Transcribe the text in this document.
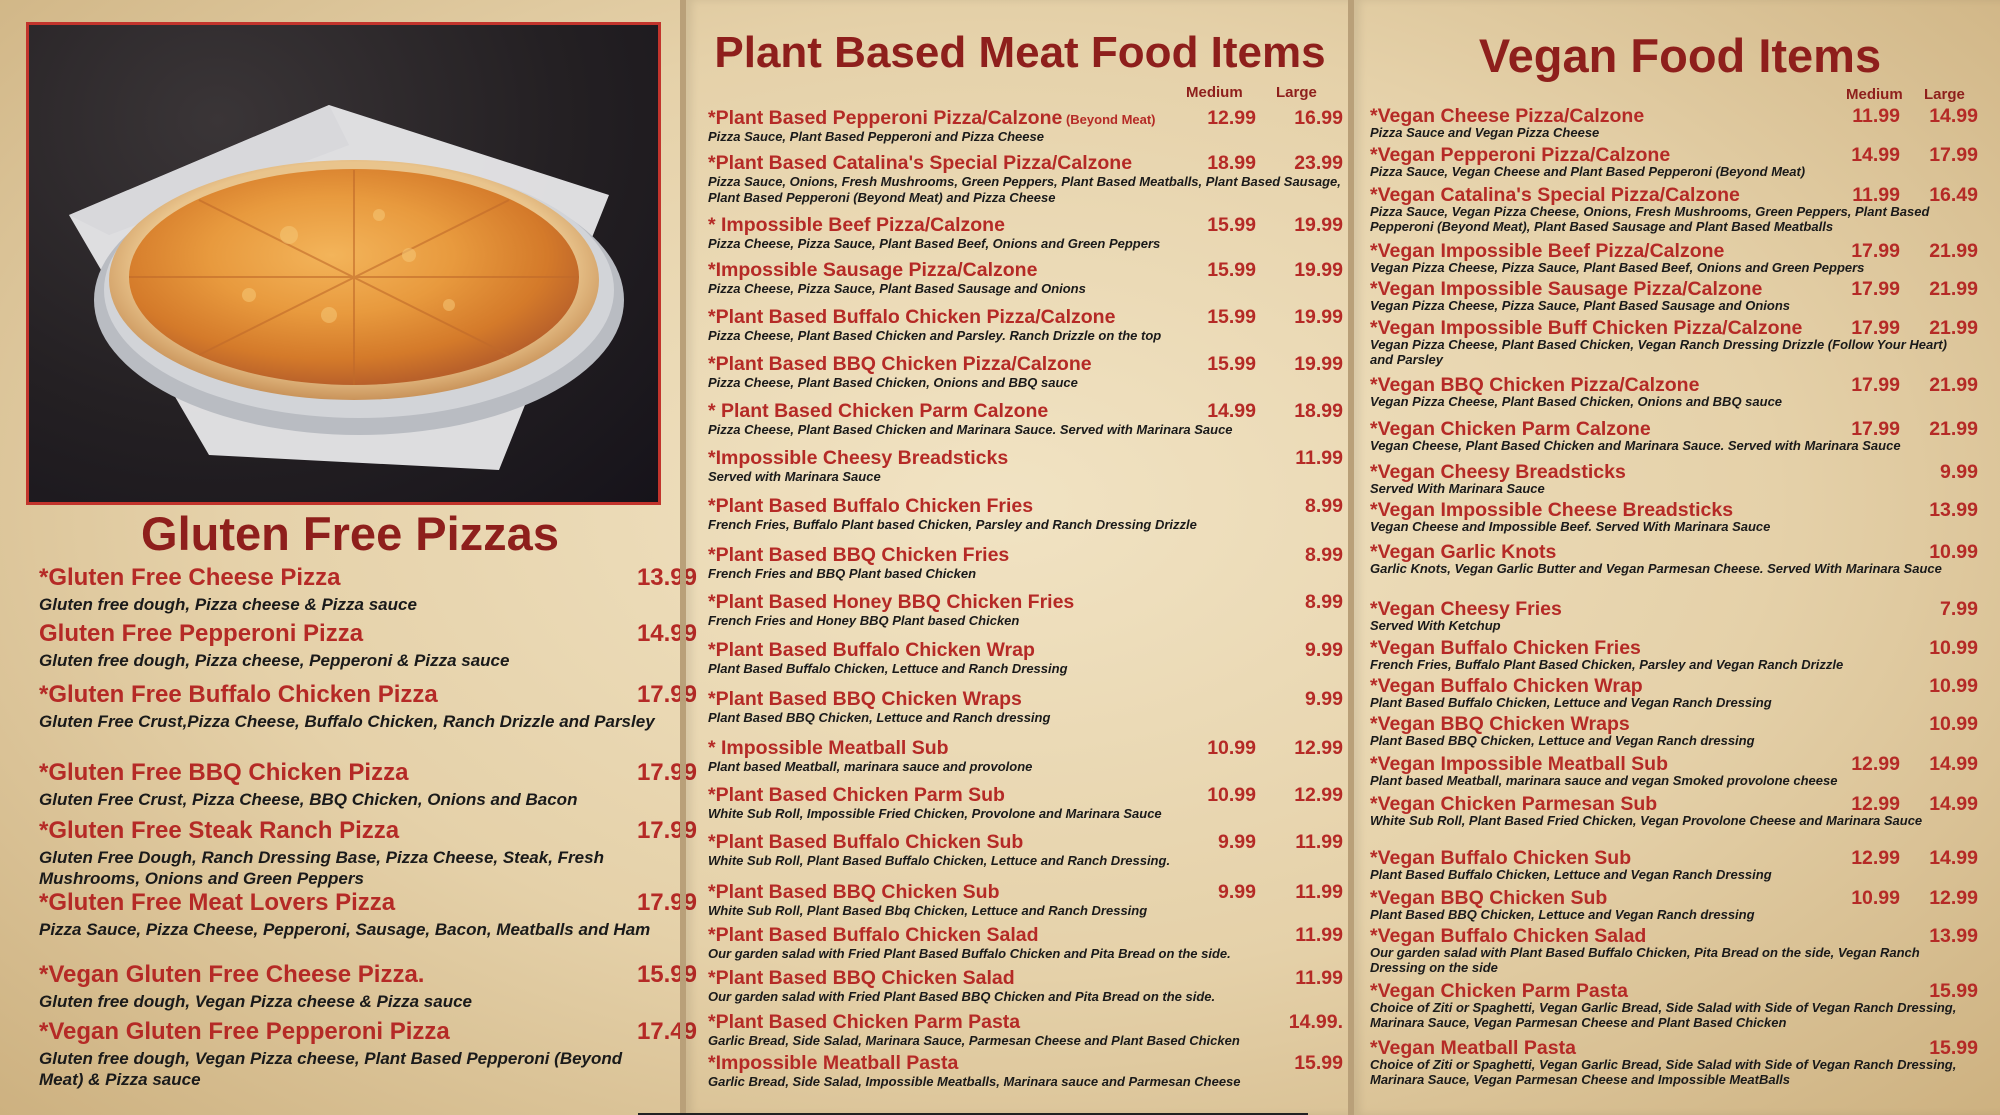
Gluten Free Pizzas
*Gluten Free Cheese Pizza	13.99
Gluten free dough, Pizza cheese & Pizza sauce
Gluten Free Pepperoni Pizza	14.99
Gluten free dough, Pizza cheese, Pepperoni & Pizza sauce
*Gluten Free Buffalo Chicken Pizza	17.99
Gluten Free Crust,Pizza Cheese, Buffalo Chicken, Ranch Drizzle and Parsley
*Gluten Free BBQ Chicken Pizza	17.99
Gluten Free Crust, Pizza Cheese, BBQ Chicken, Onions and Bacon
*Gluten Free Steak Ranch Pizza	17.99
Gluten Free Dough, Ranch Dressing Base, Pizza Cheese, Steak, Fresh Mushrooms, Onions and Green Peppers
*Gluten Free Meat Lovers Pizza	17.99
Pizza Sauce, Pizza Cheese, Pepperoni, Sausage, Bacon, Meatballs and Ham
*Vegan Gluten Free Cheese Pizza.	15.99
Gluten free dough, Vegan Pizza cheese & Pizza sauce
*Vegan Gluten Free Pepperoni Pizza	17.49
Gluten free dough, Vegan Pizza cheese, Plant Based Pepperoni (Beyond Meat) & Pizza sauce
Plant Based Meat Food Items
Medium Large
*Plant Based Pepperoni Pizza/Calzone (Beyond Meat)	12.99	16.99
Pizza Sauce, Plant Based Pepperoni and Pizza Cheese
*Plant Based Catalina's Special Pizza/Calzone	18.99	23.99
Pizza Sauce, Onions, Fresh Mushrooms, Green Peppers, Plant Based Meatballs, Plant Based Sausage, Plant Based Pepperoni (Beyond Meat) and Pizza Cheese
* Impossible Beef Pizza/Calzone	15.99	19.99
Pizza Cheese, Pizza Sauce, Plant Based Beef, Onions and Green Peppers
*Impossible Sausage Pizza/Calzone	15.99	19.99
Pizza Cheese, Pizza Sauce, Plant Based Sausage and Onions
*Plant Based Buffalo Chicken Pizza/Calzone	15.99	19.99
Pizza Cheese, Plant Based Chicken and Parsley. Ranch Drizzle on the top
*Plant Based BBQ Chicken Pizza/Calzone	15.99	19.99
Pizza Cheese, Plant Based Chicken, Onions and BBQ sauce
* Plant Based Chicken Parm Calzone	14.99	18.99
Pizza Cheese, Plant Based Chicken and Marinara Sauce. Served with Marinara Sauce
*Impossible Cheesy Breadsticks	11.99
Served with Marinara Sauce
*Plant Based Buffalo Chicken Fries	8.99
French Fries, Buffalo Plant based Chicken, Parsley and Ranch Dressing Drizzle
*Plant Based BBQ Chicken Fries	8.99
French Fries and BBQ Plant based Chicken
*Plant Based Honey BBQ Chicken Fries	8.99
French Fries and Honey BBQ Plant based Chicken
*Plant Based Buffalo Chicken Wrap	9.99
Plant Based Buffalo Chicken, Lettuce and Ranch Dressing
*Plant Based BBQ Chicken Wraps	9.99
Plant Based BBQ Chicken, Lettuce and Ranch dressing
* Impossible Meatball Sub	10.99	12.99
Plant based Meatball, marinara sauce and provolone
*Plant Based Chicken Parm Sub	10.99	12.99
White Sub Roll, Impossible Fried Chicken, Provolone and Marinara Sauce
*Plant Based Buffalo Chicken Sub	9.99	11.99
White Sub Roll, Plant Based Buffalo Chicken, Lettuce and Ranch Dressing.
*Plant Based BBQ Chicken Sub	9.99	11.99
White Sub Roll, Plant Based Bbq Chicken, Lettuce and Ranch Dressing
*Plant Based Buffalo Chicken Salad	11.99
Our garden salad with Fried Plant Based Buffalo Chicken and Pita Bread on the side.
*Plant Based BBQ Chicken Salad	11.99
Our garden salad with Fried Plant Based BBQ Chicken and Pita Bread on the side.
*Plant Based Chicken Parm Pasta	14.99.
Garlic Bread, Side Salad, Marinara Sauce, Parmesan Cheese and Plant Based Chicken
*Impossible Meatball Pasta	15.99
Garlic Bread, Side Salad, Impossible Meatballs, Marinara sauce and Parmesan Cheese
Vegan Food Items
Medium Large
*Vegan Cheese Pizza/Calzone	11.99	14.99
Pizza Sauce and Vegan Pizza Cheese
*Vegan Pepperoni Pizza/Calzone	14.99	17.99
Pizza Sauce, Vegan Cheese and Plant Based Pepperoni (Beyond Meat)
*Vegan Catalina's Special Pizza/Calzone	11.99	16.49
Pizza Sauce, Vegan Pizza Cheese, Onions, Fresh Mushrooms, Green Peppers, Plant Based Pepperoni (Beyond Meat), Plant Based Sausage and Plant Based Meatballs
*Vegan Impossible Beef Pizza/Calzone	17.99	21.99
Vegan Pizza Cheese, Pizza Sauce, Plant Based Beef, Onions and Green Peppers
*Vegan Impossible Sausage Pizza/Calzone	17.99	21.99
Vegan Pizza Cheese, Pizza Sauce, Plant Based Sausage and Onions
*Vegan Impossible Buff Chicken Pizza/Calzone	17.99	21.99
Vegan Pizza Cheese, Plant Based Chicken, Vegan Ranch Dressing Drizzle (Follow Your Heart) and Parsley
*Vegan BBQ Chicken Pizza/Calzone	17.99	21.99
Vegan Pizza Cheese, Plant Based Chicken, Onions and BBQ sauce
*Vegan Chicken Parm Calzone	17.99	21.99
Vegan Cheese, Plant Based Chicken and Marinara Sauce. Served with Marinara Sauce
*Vegan Cheesy Breadsticks	9.99
Served With Marinara Sauce
*Vegan Impossible Cheese Breadsticks	13.99
Vegan Cheese and Impossible Beef. Served With Marinara Sauce
*Vegan Garlic Knots	10.99
Garlic Knots, Vegan Garlic Butter and Vegan Parmesan Cheese. Served With Marinara Sauce
*Vegan Cheesy Fries	7.99
Served With Ketchup
*Vegan Buffalo Chicken Fries	10.99
French Fries, Buffalo Plant Based Chicken, Parsley and Vegan Ranch Drizzle
*Vegan Buffalo Chicken Wrap	10.99
Plant Based Buffalo Chicken, Lettuce and Vegan Ranch Dressing
*Vegan BBQ Chicken Wraps	10.99
Plant Based BBQ Chicken, Lettuce and Vegan Ranch dressing
*Vegan Impossible Meatball Sub	12.99	14.99
Plant based Meatball, marinara sauce and vegan Smoked provolone cheese
*Vegan Chicken Parmesan Sub	12.99	14.99
White Sub Roll, Plant Based Fried Chicken, Vegan Provolone Cheese and Marinara Sauce
*Vegan Buffalo Chicken Sub	12.99	14.99
Plant Based Buffalo Chicken, Lettuce and Vegan Ranch Dressing
*Vegan BBQ Chicken Sub	10.99	12.99
Plant Based BBQ Chicken, Lettuce and Vegan Ranch dressing
*Vegan Buffalo Chicken Salad	13.99
Our garden salad with Plant Based Buffalo Chicken, Pita Bread on the side, Vegan Ranch Dressing on the side
*Vegan Chicken Parm Pasta	15.99
Choice of Ziti or Spaghetti, Vegan Garlic Bread, Side Salad with Side of Vegan Ranch Dressing, Marinara Sauce, Vegan Parmesan Cheese and Plant Based Chicken
*Vegan Meatball Pasta	15.99
Choice of Ziti or Spaghetti, Vegan Garlic Bread, Side Salad with Side of Vegan Ranch Dressing, Marinara Sauce, Vegan Parmesan Cheese and Impossible MeatBalls
